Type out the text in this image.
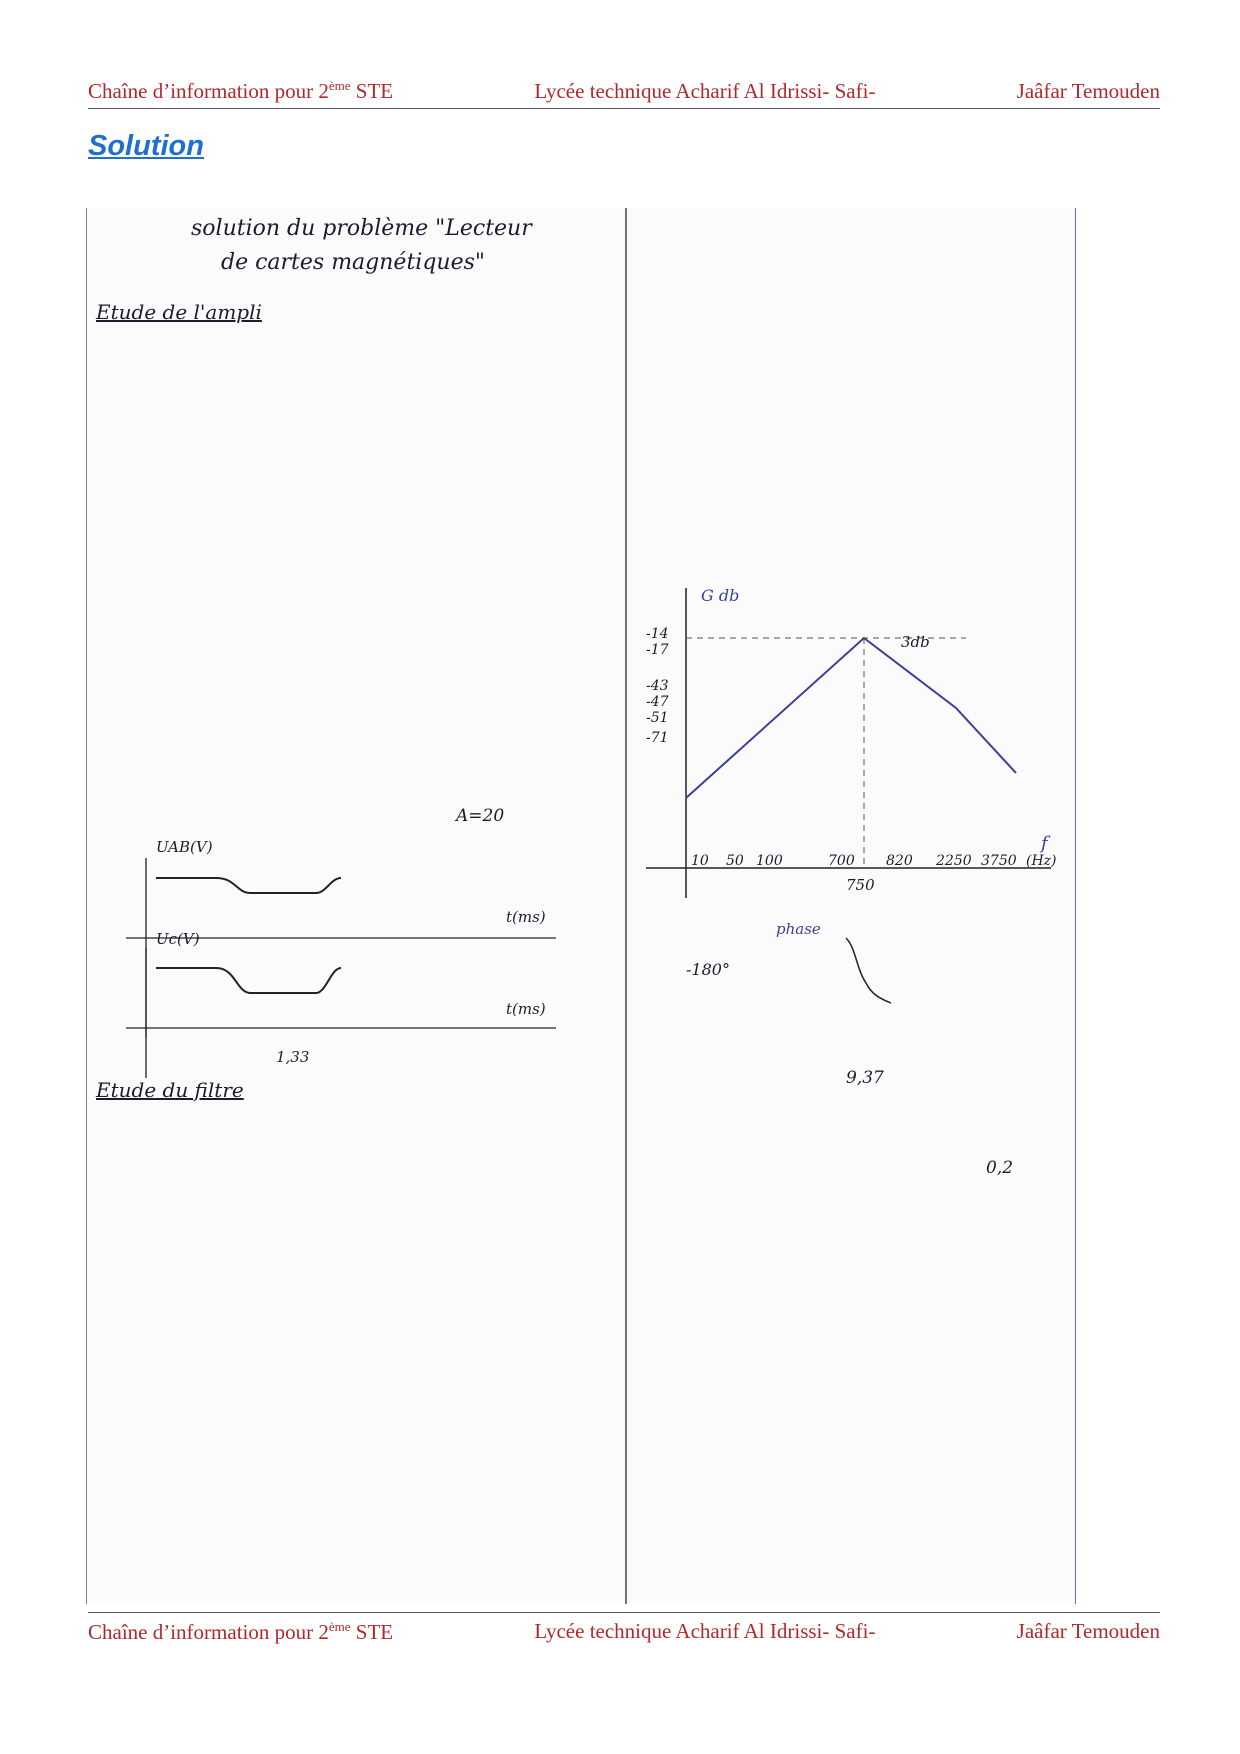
Chaîne d’information pour 2ème STE	Lycée technique Acharif Al Idrissi- Safi-	Jaâfar Temouden
Solution
solution du problème "Lecteur
de cartes magnétiques"
Etude de l'ampli
Etude du filtre
G db
f
750
3db
phase
-180°
UAB(V)
t(ms)
Uc(V)
t(ms)
1,33
A=20
9,37
0,2
10 50 100	700 820 2250 3750 (Hz)
-14
-17
-43
-47
-51
-71
Chaîne d’information pour 2ème STE	Lycée technique Acharif Al Idrissi- Safi-	Jaâfar Temouden
